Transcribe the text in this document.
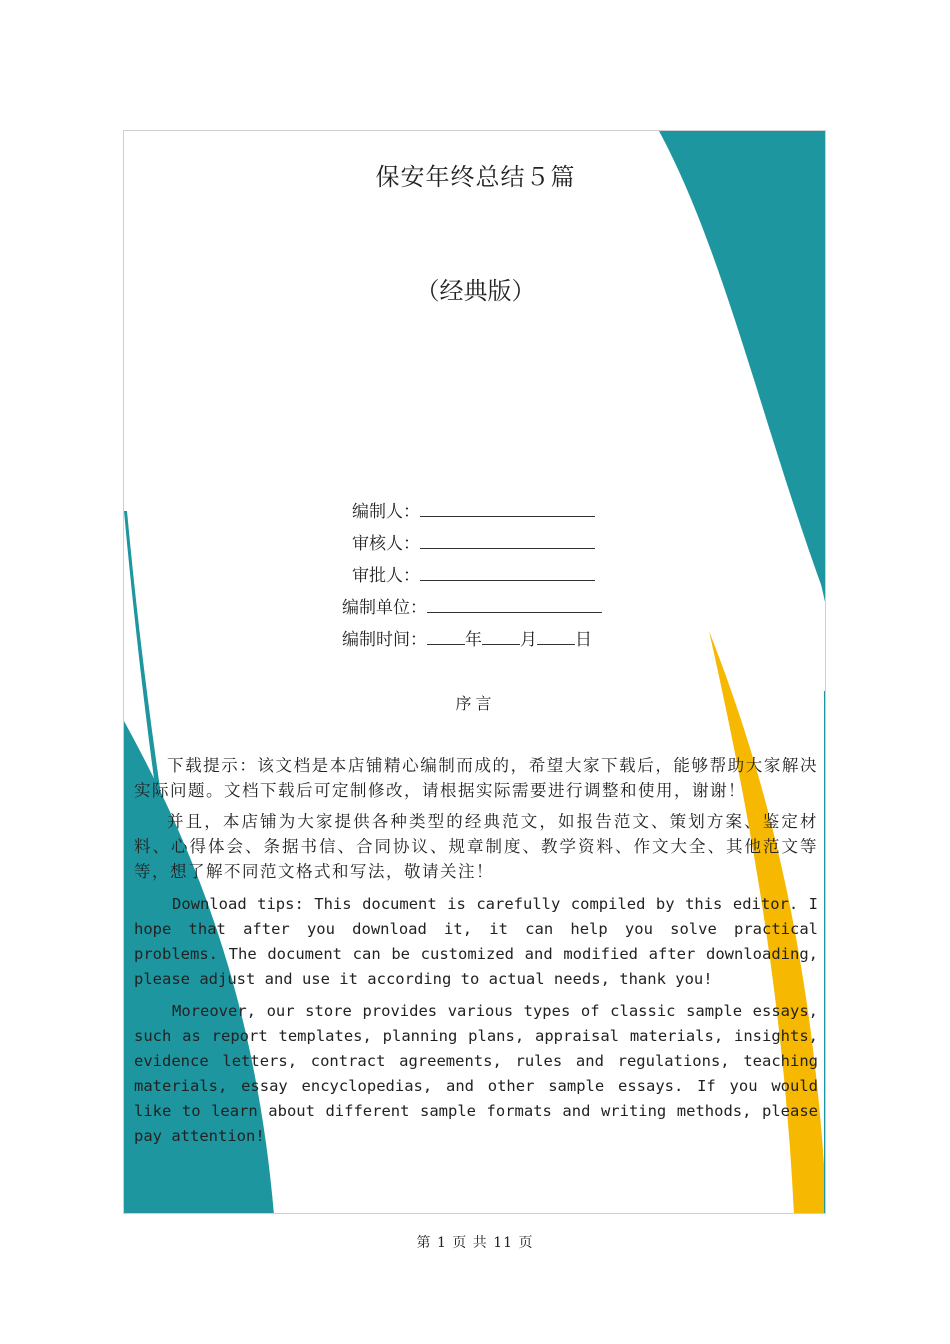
保安年终总结５篇
（经典版）
编制人：
审核人：
审批人：
编制单位：
编制时间： 年 月 日
序言
下载提示：该文档是本店铺精心编制而成的，希望大家下载后，能够帮助大家解决实际问题。文档下载后可定制修改，请根据实际需要进行调整和使用，谢谢！
并且，本店铺为大家提供各种类型的经典范文，如报告范文、策划方案、鉴定材料、心得体会、条据书信、合同协议、规章制度、教学资料、作文大全、其他范文等等，想了解不同范文格式和写法，敬请关注！
Download tips: This document is carefully compiled by this editor. I hope that after you download it, it can help you solve practical problems. The document can be customized and modified after downloading, please adjust and use it according to actual needs, thank you!
Moreover, our store provides various types of classic sample essays, such as report templates, planning plans, appraisal materials, insights, evidence letters, contract agreements, rules and regulations, teaching materials, essay encyclopedias, and other sample essays. If you would like to learn about different sample formats and writing methods, please pay attention!
第 1 页 共 11 页
